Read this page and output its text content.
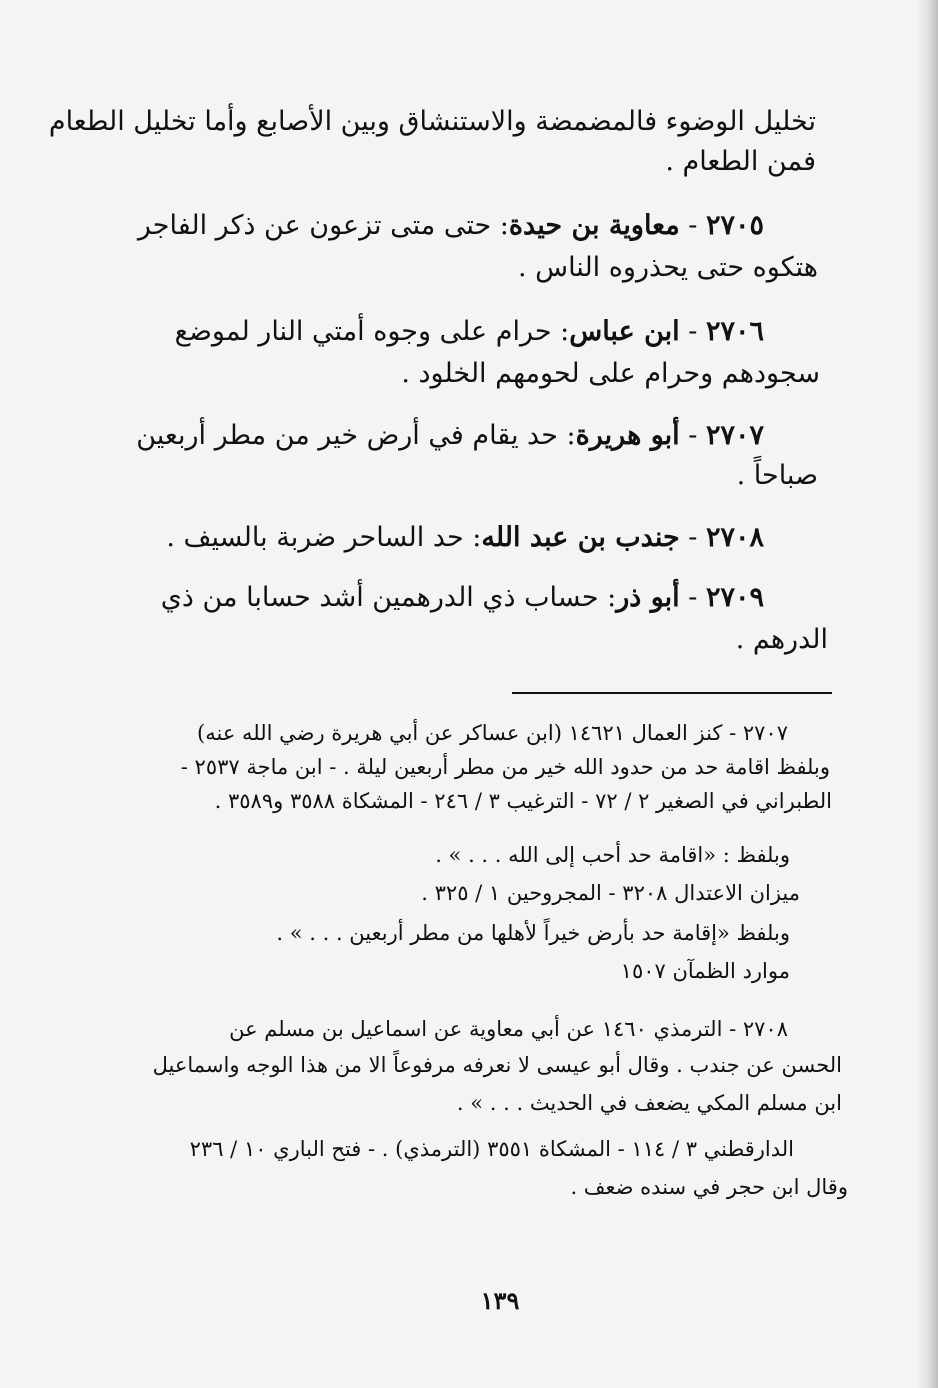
تخليل الوضوء فالمضمضة والاستنشاق وبين الأصابع وأما تخليل الطعام
فمن الطعام .
٢٧٠٥ - معاوية بن حيدة: حتى متى تزعون عن ذكر الفاجر
هتكوه حتى يحذروه الناس .
٢٧٠٦ - ابن عباس: حرام على وجوه أمتي النار لموضع
سجودهم وحرام على لحومهم الخلود .
٢٧٠٧ - أبو هريرة: حد يقام في أرض خير من مطر أربعين
صباحاً .
٢٧٠٨ - جندب بن عبد الله: حد الساحر ضربة بالسيف .
٢٧٠٩ - أبو ذر: حساب ذي الدرهمين أشد حسابا من ذي
الدرهم .
٢٧٠٧ - كنز العمال ١٤٦٢١ (ابن عساكر عن أبي هريرة رضي الله عنه)
وبلفظ اقامة حد من حدود الله خير من مطر أربعين ليلة . - ابن ماجة ٢٥٣٧ -
الطبراني في الصغير ٢ / ٧٢ - الترغيب ٣ / ٢٤٦ - المشكاة ٣٥٨٨ و٣٥٨٩ .
وبلفظ : «اقامة حد أحب إلى الله . . . » .
ميزان الاعتدال ٣٢٠٨ - المجروحين ١ / ٣٢٥ .
وبلفظ «إقامة حد بأرض خيراً لأهلها من مطر أربعين . . . » .
موارد الظمآن ١٥٠٧
٢٧٠٨ - الترمذي ١٤٦٠ عن أبي معاوية عن اسماعيل بن مسلم عن
الحسن عن جندب . وقال أبو عيسى لا نعرفه مرفوعاً الا من هذا الوجه واسماعيل
ابن مسلم المكي يضعف في الحديث . . . » .
الدارقطني ٣ / ١١٤ - المشكاة ٣٥٥١ (الترمذي) . - فتح الباري ١٠ / ٢٣٦
وقال ابن حجر في سنده ضعف .
١٣٩
